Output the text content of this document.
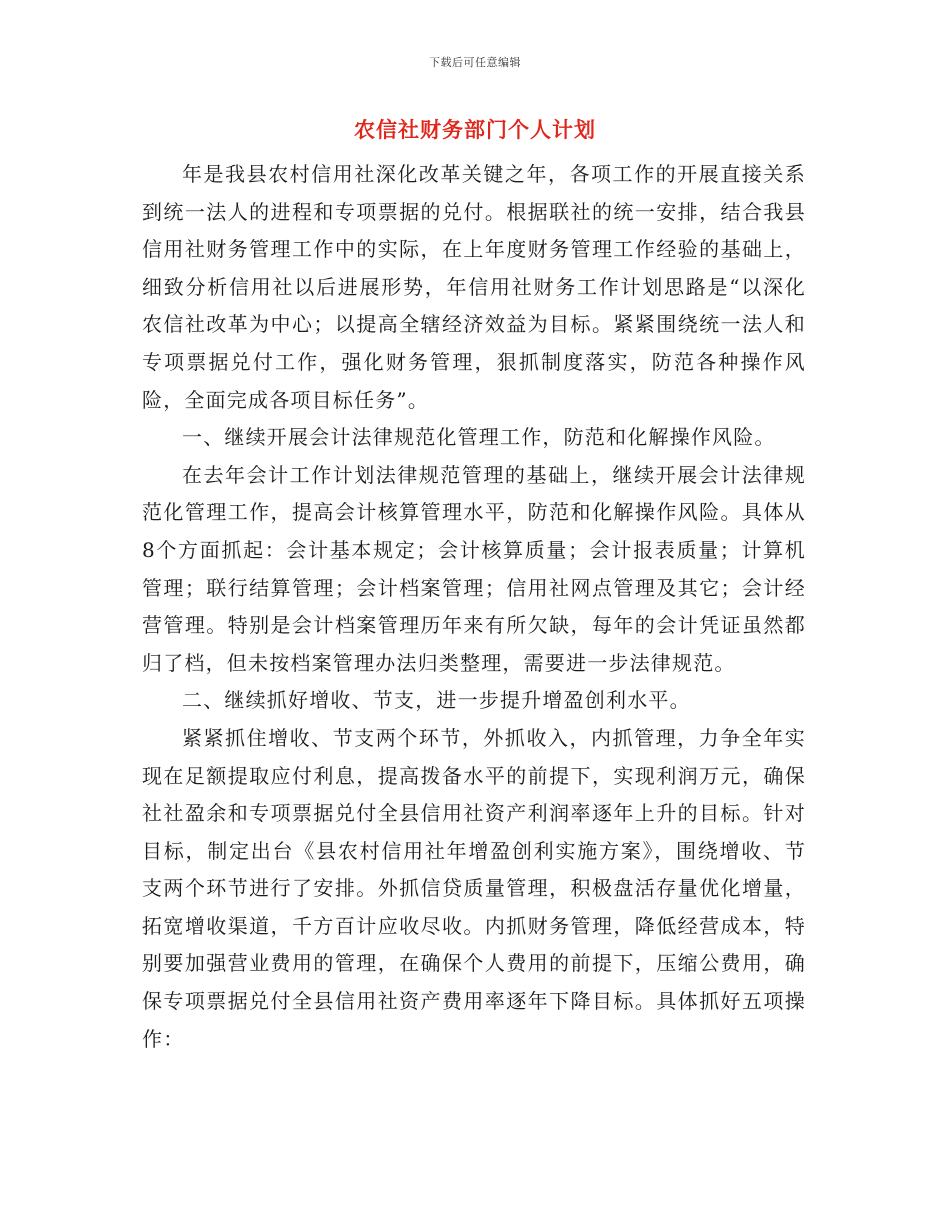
下载后可任意编辑
农信社财务部门个人计划

年是我县农村信用社深化改革关键之年，各项工作的开展直接关系到统一法人的进程和专项票据的兑付。根据联社的统一安排，结合我县信用社财务管理工作中的实际，在上年度财务管理工作经验的基础上，细致分析信用社以后进展形势，年信用社财务工作计划思路是“以深化农信社改革为中心；以提高全辖经济效益为目标。紧紧围绕统一法人和专项票据兑付工作，强化财务管理，狠抓制度落实，防范各种操作风险，全面完成各项目标任务”。

一、继续开展会计法律规范化管理工作，防范和化解操作风险。

在去年会计工作计划法律规范管理的基础上，继续开展会计法律规范化管理工作，提高会计核算管理水平，防范和化解操作风险。具体从8个方面抓起：会计基本规定；会计核算质量；会计报表质量；计算机管理；联行结算管理；会计档案管理；信用社网点管理及其它；会计经营管理。特别是会计档案管理历年来有所欠缺，每年的会计凭证虽然都归了档，但未按档案管理办法归类整理，需要进一步法律规范。

二、继续抓好增收、节支，进一步提升增盈创利水平。

紧紧抓住增收、节支两个环节，外抓收入，内抓管理，力争全年实现在足额提取应付利息，提高拨备水平的前提下，实现利润万元，确保社社盈余和专项票据兑付全县信用社资产利润率逐年上升的目标。针对目标，制定出台《县农村信用社年增盈创利实施方案》，围绕增收、节支两个环节进行了安排。外抓信贷质量管理，积极盘活存量优化增量，拓宽增收渠道，千方百计应收尽收。内抓财务管理，降低经营成本，特别要加强营业费用的管理，在确保个人费用的前提下，压缩公费用，确保专项票据兑付全县信用社资产费用率逐年下降目标。具体抓好五项操作：
